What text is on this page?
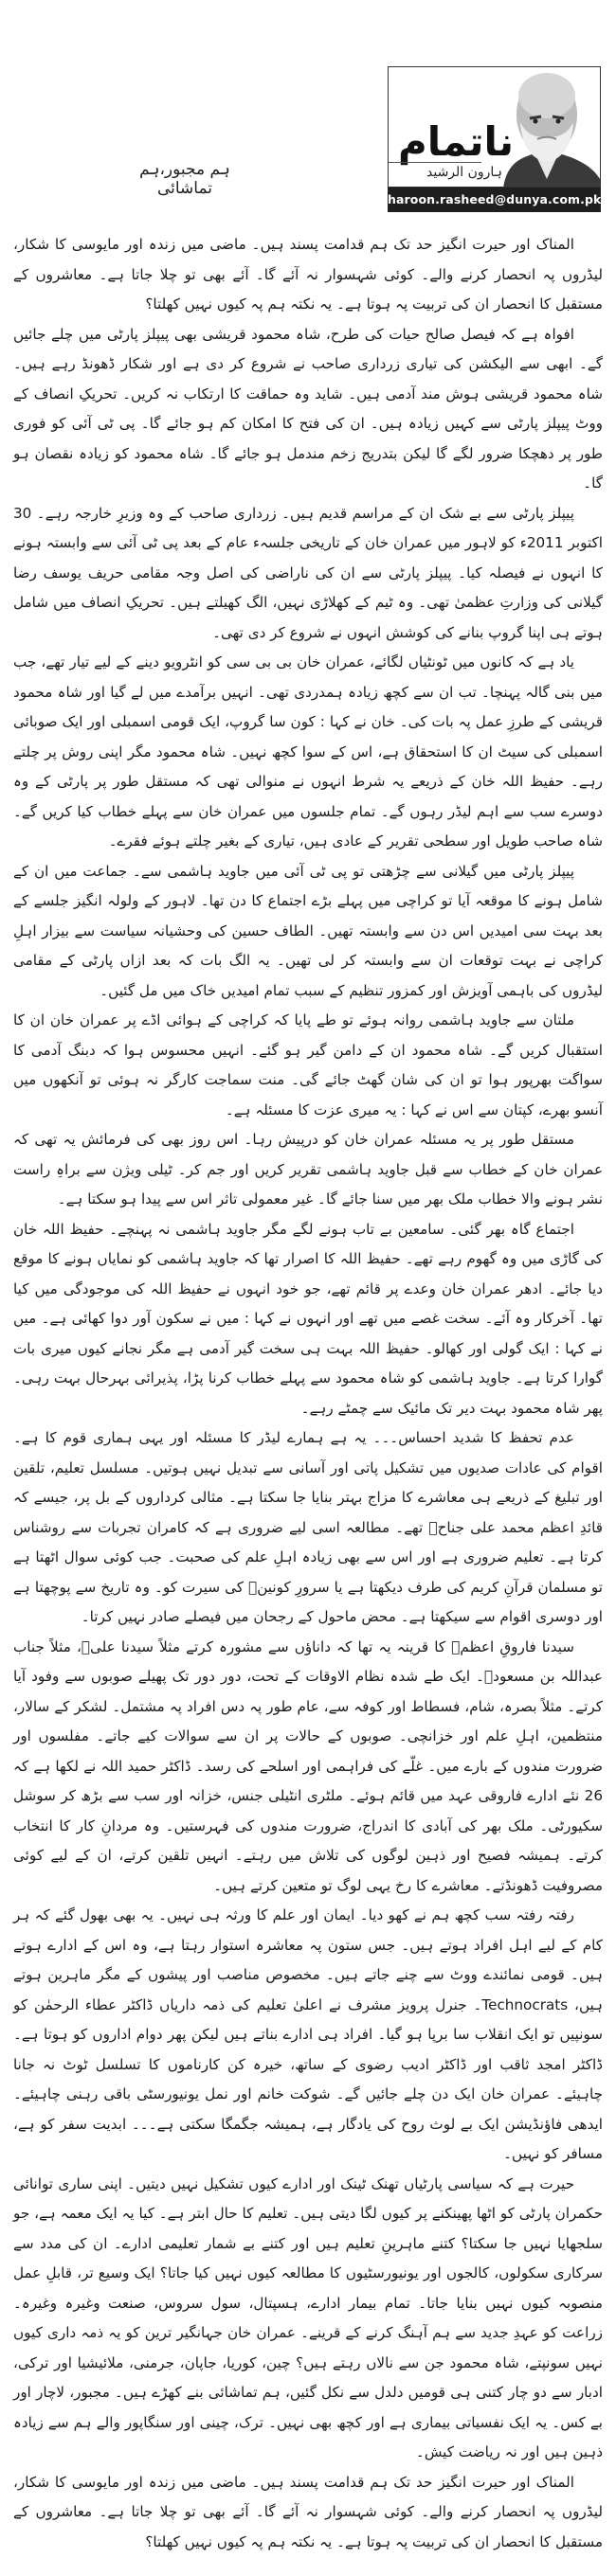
ناتمام
ہارون الرشید
haroon.rasheed@dunya.com.pk
ہم مجبور،ہم تماشائی

المناک اور حیرت انگیز حد تک ہم قدامت پسند ہیں۔ ماضی میں زندہ اور مایوسی کا شکار، لیڈروں پہ انحصار کرنے والے۔ کوئی شہسوار نہ آئے گا۔ آئے بھی تو چلا جاتا ہے۔ معاشروں کے مستقبل کا انحصار ان کی تربیت پہ ہوتا ہے۔ یہ نکتہ ہم پہ کیوں نہیں کھلتا؟

افواہ ہے کہ فیصل صالح حیات کی طرح، شاہ محمود قریشی بھی پیپلز پارٹی میں چلے جائیں گے۔ ابھی سے الیکشن کی تیاری زرداری صاحب نے شروع کر دی ہے اور شکار ڈھونڈ رہے ہیں۔ شاہ محمود قریشی ہوش مند آدمی ہیں۔ شاید وہ حماقت کا ارتکاب نہ کریں۔ تحریکِ انصاف کے ووٹ پیپلز پارٹی سے کہیں زیادہ ہیں۔ ان کی فتح کا امکان کم ہو جائے گا۔ پی ٹی آئی کو فوری طور پر دھچکا ضرور لگے گا لیکن بتدریج زخم مندمل ہو جائے گا۔ شاہ محمود کو زیادہ نقصان ہو گا۔

پیپلز پارٹی سے بے شک ان کے مراسم قدیم ہیں۔ زرداری صاحب کے وہ وزیرِ خارجہ رہے۔ 30 اکتوبر 2011ء کو لاہور میں عمران خان کے تاریخی جلسہء عام کے بعد پی ٹی آئی سے وابستہ ہونے کا انہوں نے فیصلہ کیا۔ پیپلز پارٹی سے ان کی ناراضی کی اصل وجہ مقامی حریف یوسف رضا گیلانی کی وزارتِ عظمیٰ تھی۔ وہ ٹیم کے کھلاڑی نہیں، الگ کھیلتے ہیں۔ تحریکِ انصاف میں شامل ہوتے ہی اپنا گروپ بنانے کی کوشش انہوں نے شروع کر دی تھی۔

یاد ہے کہ کانوں میں ٹونٹیاں لگائے، عمران خان بی بی سی کو انٹرویو دینے کے لیے تیار تھے، جب میں بنی گالہ پہنچا۔ تب ان سے کچھ زیادہ ہمدردی تھی۔ انہیں برآمدے میں لے گیا اور شاہ محمود قریشی کے طرزِ عمل پہ بات کی۔ خان نے کہا : کون سا گروپ، ایک قومی اسمبلی اور ایک صوبائی اسمبلی کی سیٹ ان کا استحقاق ہے، اس کے سوا کچھ نہیں۔ شاہ محمود مگر اپنی روش پر چلتے رہے۔ حفیظ اللہ خان کے ذریعے یہ شرط انہوں نے منوالی تھی کہ مستقل طور پر پارٹی کے وہ دوسرے سب سے اہم لیڈر رہوں گے۔ تمام جلسوں میں عمران خان سے پہلے خطاب کیا کریں گے۔ شاہ صاحب طویل اور سطحی تقریر کے عادی ہیں، تیاری کے بغیر چلتے ہوئے فقرے۔

پیپلز پارٹی میں گیلانی سے چڑھتی تو پی ٹی آئی میں جاوید ہاشمی سے۔ جماعت میں ان کے شامل ہونے کا موقعہ آیا تو کراچی میں پہلے بڑے اجتماع کا دن تھا۔ لاہور کے ولولہ انگیز جلسے کے بعد بہت سی امیدیں اس دن سے وابستہ تھیں۔ الطاف حسین کی وحشیانہ سیاست سے بیزار اہلِ کراچی نے بہت توقعات ان سے وابستہ کر لی تھیں۔ یہ الگ بات کہ بعد ازاں پارٹی کے مقامی لیڈروں کی باہمی آویزش اور کمزور تنظیم کے سبب تمام امیدیں خاک میں مل گئیں۔

ملتان سے جاوید ہاشمی روانہ ہوئے تو طے پایا کہ کراچی کے ہوائی اڈے پر عمران خان ان کا استقبال کریں گے۔ شاہ محمود ان کے دامن گیر ہو گئے۔ انہیں محسوس ہوا کہ دبنگ آدمی کا سواگت بھرپور ہوا تو ان کی شان گھٹ جائے گی۔ منت سماجت کارگر نہ ہوئی تو آنکھوں میں آنسو بھرے، کپتان سے اس نے کہا : یہ میری عزت کا مسئلہ ہے۔

مستقل طور پر یہ مسئلہ عمران خان کو درپیش رہا۔ اس روز بھی کی فرمائش یہ تھی کہ عمران خان کے خطاب سے قبل جاوید ہاشمی تقریر کریں اور جم کر۔ ٹیلی ویژن سے براہِ راست نشر ہونے والا خطاب ملک بھر میں سنا جائے گا۔ غیر معمولی تاثر اس سے پیدا ہو سکتا ہے۔

اجتماع گاہ بھر گئی۔ سامعین بے تاب ہونے لگے مگر جاوید ہاشمی نہ پہنچے۔ حفیظ اللہ خان کی گاڑی میں وہ گھوم رہے تھے۔ حفیظ اللہ کا اصرار تھا کہ جاوید ہاشمی کو نمایاں ہونے کا موقع دیا جائے۔ ادھر عمران خان وعدے پر قائم تھے، جو خود انہوں نے حفیظ اللہ کی موجودگی میں کیا تھا۔ آخرکار وہ آئے۔ سخت غصے میں تھے اور انہوں نے کہا : میں نے سکون آور دوا کھائی ہے۔ میں نے کہا : ایک گولی اور کھالو۔ حفیظ اللہ بہت ہی سخت گیر آدمی ہے مگر نجانے کیوں میری بات گوارا کرتا ہے۔ جاوید ہاشمی کو شاہ محمود سے پہلے خطاب کرنا پڑا، پذیرائی بہرحال بہت رہی۔ پھر شاہ محمود بہت دیر تک مائیک سے چمٹے رہے۔

عدم تحفظ کا شدید احساس۔۔۔ یہ ہے ہمارے لیڈر کا مسئلہ اور یہی ہماری قوم کا ہے۔ اقوام کی عادات صدیوں میں تشکیل پاتی اور آسانی سے تبدیل نہیں ہوتیں۔ مسلسل تعلیم، تلقین اور تبلیغ کے ذریعے ہی معاشرے کا مزاج بہتر بنایا جا سکتا ہے۔ مثالی کرداروں کے بل پر، جیسے کہ قائدِ اعظم محمد علی جناحؒ تھے۔ مطالعہ اسی لیے ضروری ہے کہ کامران تجربات سے روشناس کرتا ہے۔ تعلیم ضروری ہے اور اس سے بھی زیادہ اہلِ علم کی صحبت۔ جب کوئی سوال اٹھتا ہے تو مسلمان قرآنِ کریم کی طرف دیکھتا ہے یا سرورِ کونینؐ کی سیرت کو۔ وہ تاریخ سے پوچھتا ہے اور دوسری اقوام سے سیکھتا ہے۔ محض ماحول کے رجحان میں فیصلے صادر نہیں کرتا۔

سیدنا فاروقِ اعظمؓ کا قرینہ یہ تھا کہ داناؤں سے مشورہ کرتے مثلاً سیدنا علیؓ، مثلاً جناب عبداللہ بن مسعودؓ۔ ایک طے شدہ نظام الاوقات کے تحت، دور دور تک پھیلے صوبوں سے وفود آیا کرتے۔ مثلاً بصرہ، شام، فسطاط اور کوفہ سے، عام طور پہ دس افراد پہ مشتمل۔ لشکر کے سالار، منتظمین، اہلِ علم اور خزانچی۔ صوبوں کے حالات پر ان سے سوالات کیے جاتے۔ مفلسوں اور ضرورت مندوں کے بارے میں۔ غلّے کی فراہمی اور اسلحے کی رسد۔ ڈاکٹر حمید اللہ نے لکھا ہے کہ 26 نئے ادارے فاروقی عہد میں قائم ہوئے۔ ملٹری انٹیلی جنس، خزانہ اور سب سے بڑھ کر سوشل سکیورٹی۔ ملک بھر کی آبادی کا اندراج، ضرورت مندوں کی فہرستیں۔ وہ مردانِ کار کا انتخاب کرتے۔ ہمیشہ فصیح اور ذہین لوگوں کی تلاش میں رہتے۔ انہیں تلقین کرتے، ان کے لیے کوئی مصروفیت ڈھونڈتے۔ معاشرے کا رخ یہی لوگ تو متعین کرتے ہیں۔

رفتہ رفتہ سب کچھ ہم نے کھو دیا۔ ایمان اور علم کا ورثہ ہی نہیں۔ یہ بھی بھول گئے کہ ہر کام کے لیے اہل افراد ہوتے ہیں۔ جس ستون پہ معاشرہ استوار رہتا ہے، وہ اس کے ادارے ہوتے ہیں۔ قومی نمائندے ووٹ سے چنے جاتے ہیں۔ مخصوص مناصب اور پیشوں کے مگر ماہرین ہوتے ہیں، Technocrats۔ جنرل پرویز مشرف نے اعلیٰ تعلیم کی ذمہ داریاں ڈاکٹر عطاء الرحمٰن کو سونپیں تو ایک انقلاب سا برپا ہو گیا۔ افراد ہی ادارے بناتے ہیں لیکن پھر دوام اداروں کو ہوتا ہے۔ ڈاکٹر امجد ثاقب اور ڈاکٹر ادیب رضوی کے ساتھ، خیرہ کن کارناموں کا تسلسل ٹوٹ نہ جانا چاہیئے۔ عمران خان ایک دن چلے جائیں گے۔ شوکت خانم اور نمل یونیورسٹی باقی رہنی چاہیئے۔ ایدھی فاؤنڈیشن ایک بے لوث روح کی یادگار ہے، ہمیشہ جگمگا سکتی ہے۔۔۔ ابدیت سفر کو ہے، مسافر کو نہیں۔

حیرت ہے کہ سیاسی پارٹیاں تھنک ٹینک اور ادارے کیوں تشکیل نہیں دیتیں۔ اپنی ساری توانائی حکمران پارٹی کو اٹھا پھینکنے پر کیوں لگا دیتی ہیں۔ تعلیم کا حال ابتر ہے۔ کیا یہ ایک معمہ ہے، جو سلجھایا نہیں جا سکتا؟ کتنے ماہرینِ تعلیم ہیں اور کتنے بے شمار تعلیمی ادارے۔ ان کی مدد سے سرکاری سکولوں، کالجوں اور یونیورسٹیوں کا مطالعہ کیوں نہیں کیا جاتا؟ ایک وسیع تر، قابلِ عمل منصوبہ کیوں نہیں بنایا جاتا۔ تمام بیمار ادارے، ہسپتال، سول سروس، صنعت وغیرہ وغیرہ۔ زراعت کو عہدِ جدید سے ہم آہنگ کرنے کے قرینے۔ عمران خان جہانگیر ترین کو یہ ذمہ داری کیوں نہیں سونپتے، شاہ محمود جن سے نالاں رہتے ہیں؟ چین، کوریا، جاپان، جرمنی، ملائیشیا اور ترکی، ادبار سے دو چار کتنی ہی قومیں دلدل سے نکل گئیں، ہم تماشائی بنے کھڑے ہیں۔ مجبور، لاچار اور بے کس۔ یہ ایک نفسیاتی بیماری ہے اور کچھ بھی نہیں۔ ترک، چینی اور سنگاپور والے ہم سے زیادہ ذہین ہیں اور نہ ریاضت کیش۔

المناک اور حیرت انگیز حد تک ہم قدامت پسند ہیں۔ ماضی میں زندہ اور مایوسی کا شکار، لیڈروں پہ انحصار کرنے والے۔ کوئی شہسوار نہ آئے گا۔ آئے بھی تو چلا جاتا ہے۔ معاشروں کے مستقبل کا انحصار ان کی تربیت پہ ہوتا ہے۔ یہ نکتہ ہم پہ کیوں نہیں کھلتا؟
